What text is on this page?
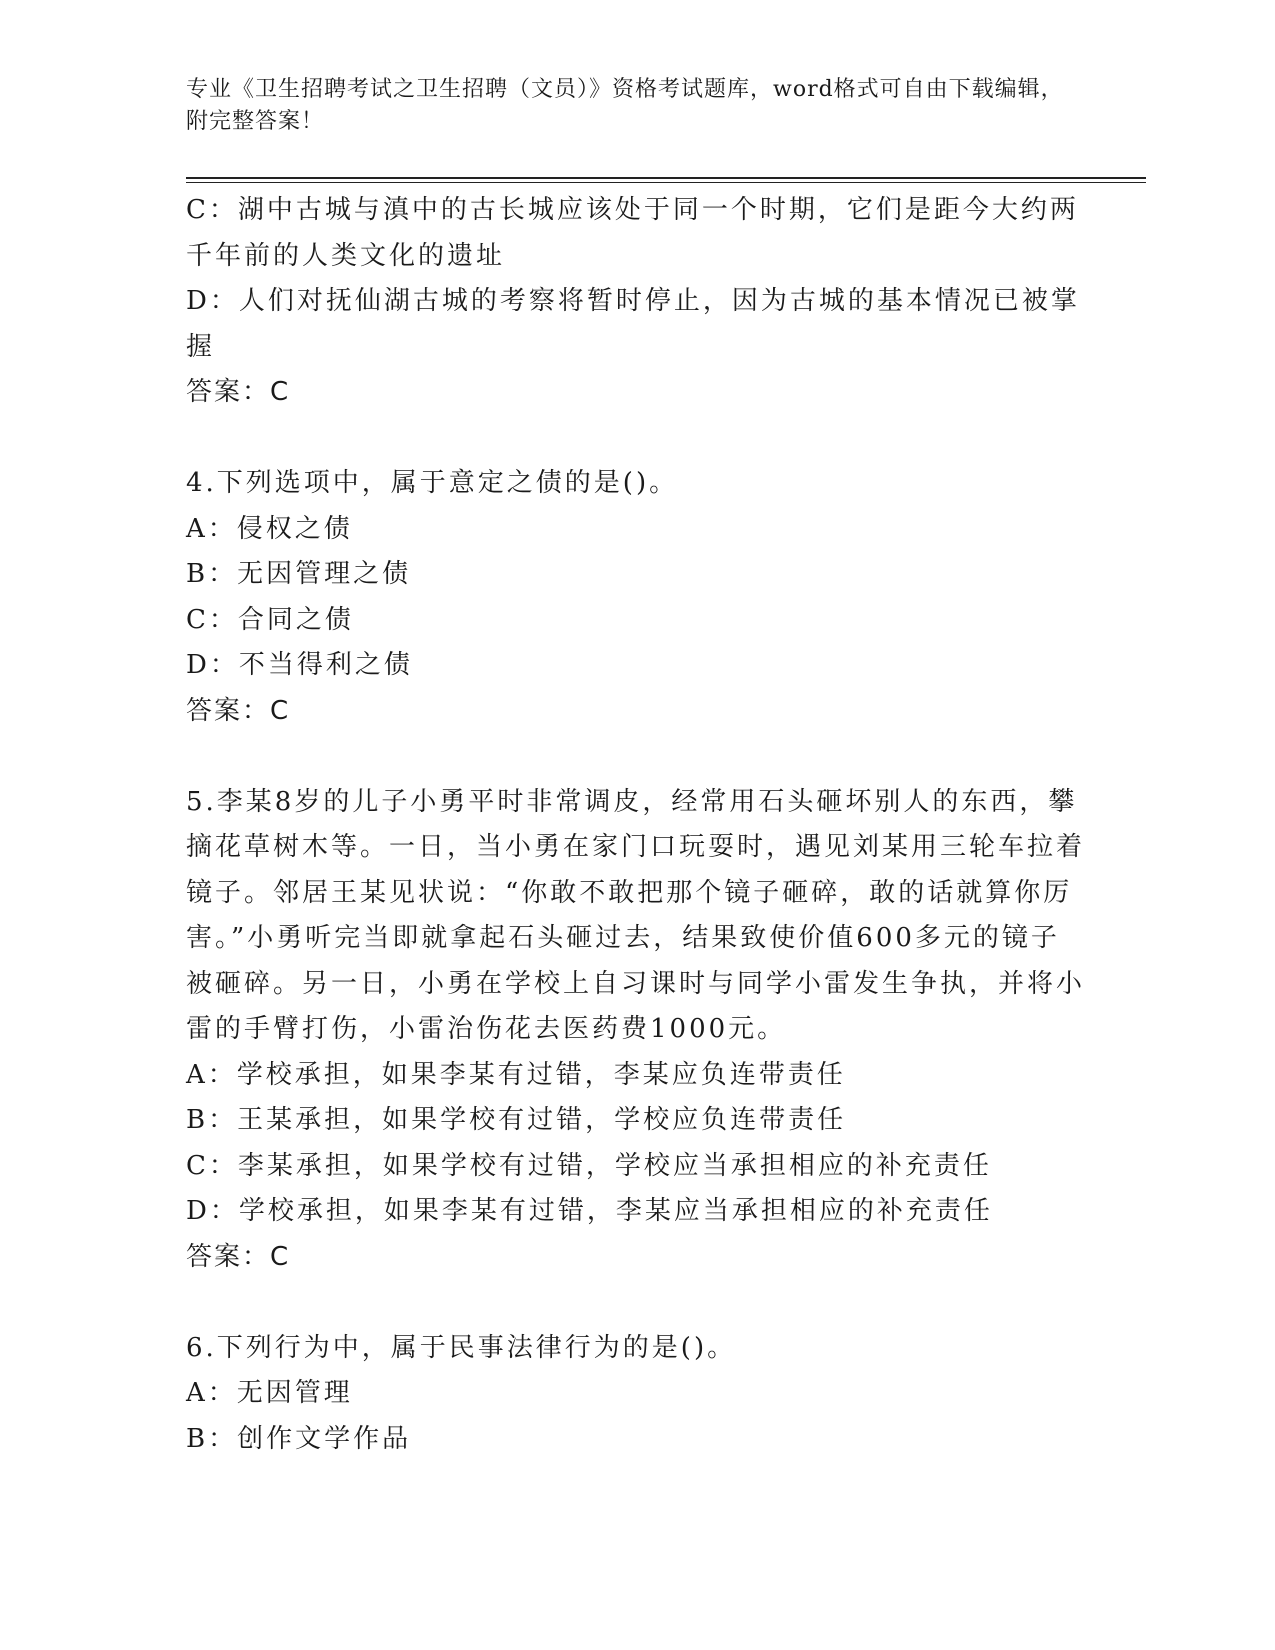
专业《卫生招聘考试之卫生招聘（文员）》资格考试题库，word格式可自由下载编辑，附完整答案！

C：湖中古城与滇中的古长城应该处于同一个时期，它们是距今大约两千年前的人类文化的遗址

D：人们对抚仙湖古城的考察将暂时停止，因为古城的基本情况已被掌握

答案：C

4.下列选项中，属于意定之债的是()。

A：侵权之债

B：无因管理之债

C：合同之债

D：不当得利之债

答案：C

5.李某8岁的儿子小勇平时非常调皮，经常用石头砸坏别人的东西，攀摘花草树木等。一日，当小勇在家门口玩耍时，遇见刘某用三轮车拉着镜子。邻居王某见状说：“你敢不敢把那个镜子砸碎，敢的话就算你厉害。”小勇听完当即就拿起石头砸过去，结果致使价值600多元的镜子被砸碎。另一日，小勇在学校上自习课时与同学小雷发生争执，并将小雷的手臂打伤，小雷治伤花去医药费1000元。

A：学校承担，如果李某有过错，李某应负连带责任

B：王某承担，如果学校有过错，学校应负连带责任

C：李某承担，如果学校有过错，学校应当承担相应的补充责任

D：学校承担，如果李某有过错，李某应当承担相应的补充责任

答案：C

6.下列行为中，属于民事法律行为的是()。

A：无因管理

B：创作文学作品
